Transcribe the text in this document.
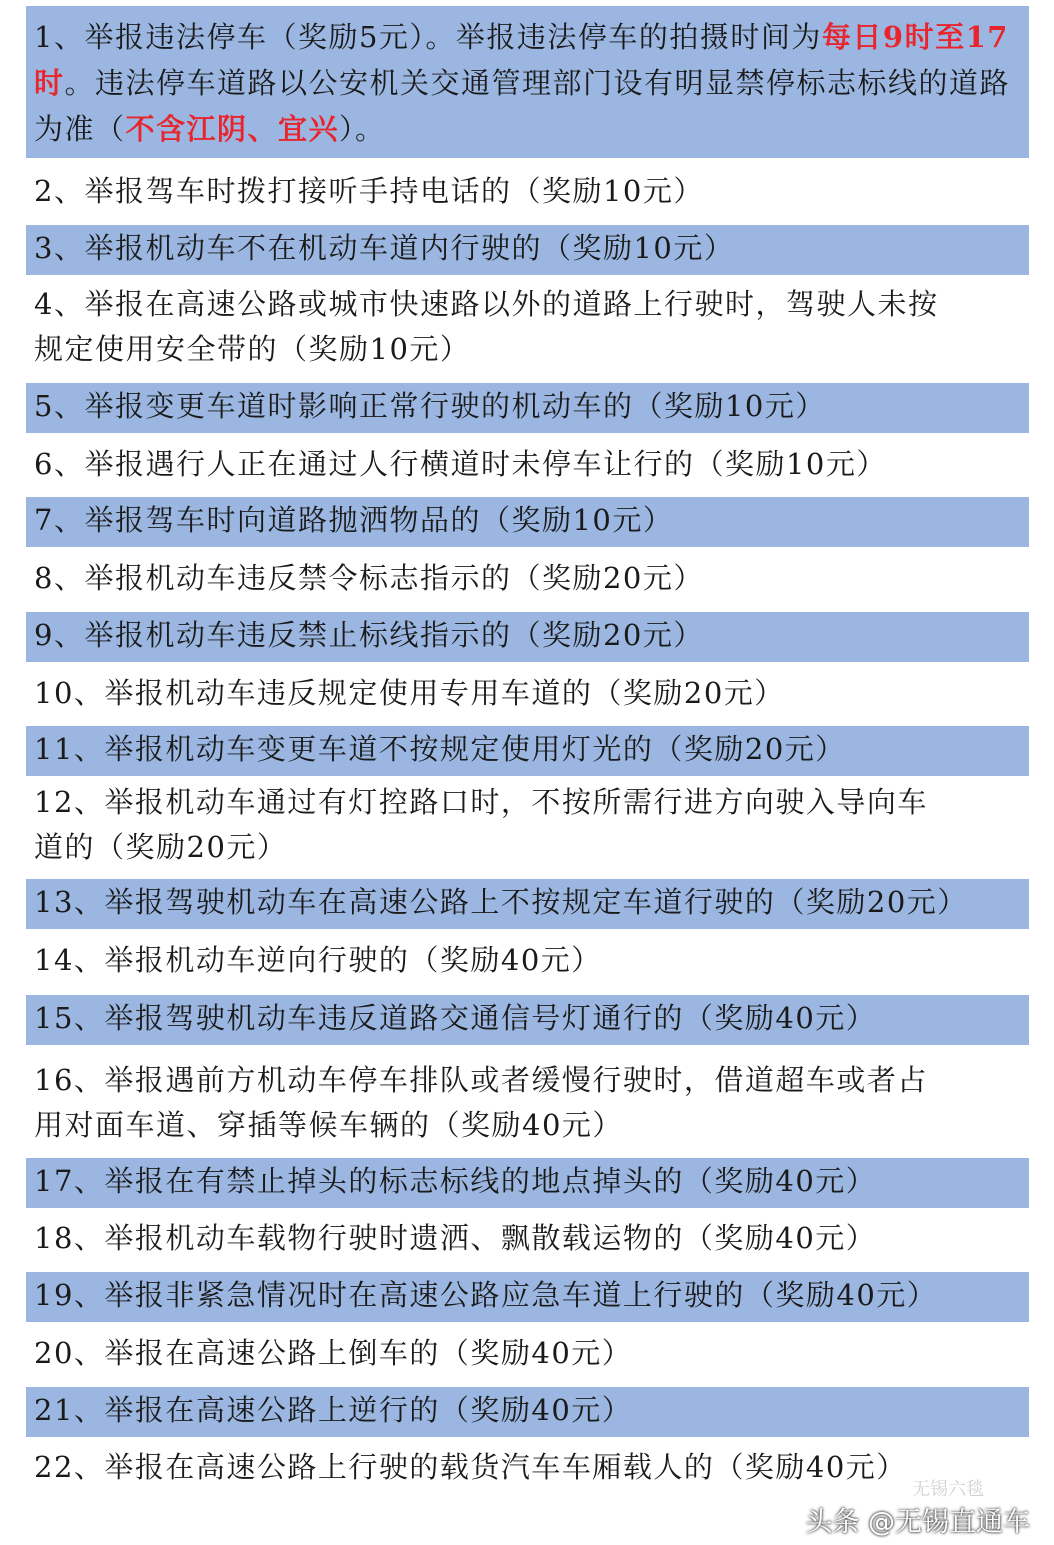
1、举报违法停车（奖励5元）。举报违法停车的拍摄时间为每日9时至17时。违法停车道路以公安机关交通管理部门设有明显禁停标志标线的道路为准（不含江阴、宜兴）。
2、举报驾车时拨打接听手持电话的（奖励10元）
3、举报机动车不在机动车道内行驶的（奖励10元）
4、举报在高速公路或城市快速路以外的道路上行驶时，驾驶人未按
规定使用安全带的（奖励10元）
5、举报变更车道时影响正常行驶的机动车的（奖励10元）
6、举报遇行人正在通过人行横道时未停车让行的（奖励10元）
7、举报驾车时向道路抛洒物品的（奖励10元）
8、举报机动车违反禁令标志指示的（奖励20元）
9、举报机动车违反禁止标线指示的（奖励20元）
10、举报机动车违反规定使用专用车道的（奖励20元）
11、举报机动车变更车道不按规定使用灯光的（奖励20元）
12、举报机动车通过有灯控路口时，不按所需行进方向驶入导向车
道的（奖励20元）
13、举报驾驶机动车在高速公路上不按规定车道行驶的（奖励20元）
14、举报机动车逆向行驶的（奖励40元）
15、举报驾驶机动车违反道路交通信号灯通行的（奖励40元）
16、举报遇前方机动车停车排队或者缓慢行驶时，借道超车或者占
用对面车道、穿插等候车辆的（奖励40元）
17、举报在有禁止掉头的标志标线的地点掉头的（奖励40元）
18、举报机动车载物行驶时遗洒、飘散载运物的（奖励40元）
19、举报非紧急情况时在高速公路应急车道上行驶的（奖励40元）
20、举报在高速公路上倒车的（奖励40元）
21、举报在高速公路上逆行的（奖励40元）
22、举报在高速公路上行驶的载货汽车车厢载人的（奖励40元）
无锡六毯
头条 @无锡直通车
